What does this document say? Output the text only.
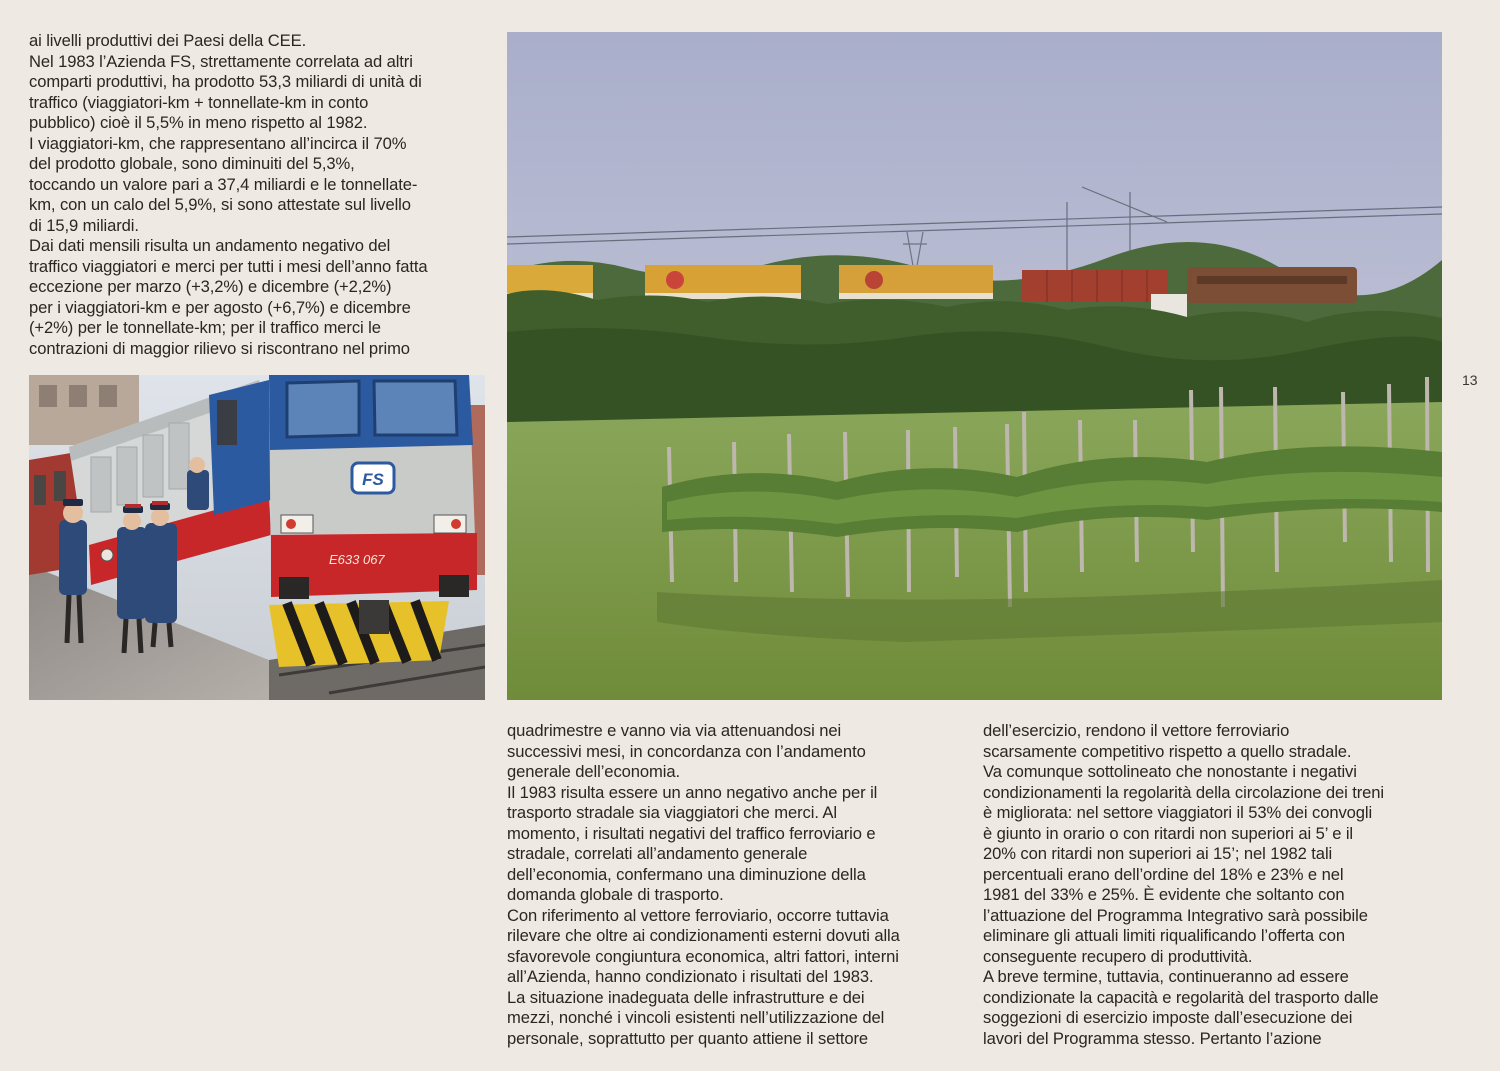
ai livelli produttivi dei Paesi della CEE.
Nel 1983 l’Azienda FS, strettamente correlata ad altri
comparti produttivi, ha prodotto 53,3 miliardi di unità di
traffico (viaggiatori-km + tonnellate-km in conto
pubblico) cioè il 5,5% in meno rispetto al 1982.
I viaggiatori-km, che rappresentano all’incirca il 70%
del prodotto globale, sono diminuiti del 5,3%,
toccando un valore pari a 37,4 miliardi e le tonnellate-
km, con un calo del 5,9%, si sono attestate sul livello
di 15,9 miliardi.
Dai dati mensili risulta un andamento negativo del
traffico viaggiatori e merci per tutti i mesi dell’anno fatta
eccezione per marzo (+3,2%) e dicembre (+2,2%)
per i viaggiatori-km e per agosto (+6,7%) e dicembre
(+2%) per le tonnellate-km; per il traffico merci le
contrazioni di maggior rilievo si riscontrano nel primo
FS
E633 067
quadrimestre e vanno via via attenuandosi nei
successivi mesi, in concordanza con l’andamento
generale dell’economia.
Il 1983 risulta essere un anno negativo anche per il
trasporto stradale sia viaggiatori che merci. Al
momento, i risultati negativi del traffico ferroviario e
stradale, correlati all’andamento generale
dell’economia, confermano una diminuzione della
domanda globale di trasporto.
Con riferimento al vettore ferroviario, occorre tuttavia
rilevare che oltre ai condizionamenti esterni dovuti alla
sfavorevole congiuntura economica, altri fattori, interni
all’Azienda, hanno condizionato i risultati del 1983.
La situazione inadeguata delle infrastrutture e dei
mezzi, nonché i vincoli esistenti nell’utilizzazione del
personale, soprattutto per quanto attiene il settore
dell’esercizio, rendono il vettore ferroviario
scarsamente competitivo rispetto a quello stradale.
Va comunque sottolineato che nonostante i negativi
condizionamenti la regolarità della circolazione dei treni
è migliorata: nel settore viaggiatori il 53% dei convogli
è giunto in orario o con ritardi non superiori ai 5’ e il
20% con ritardi non superiori ai 15’; nel 1982 tali
percentuali erano dell’ordine del 18% e 23% e nel
1981 del 33% e 25%. È evidente che soltanto con
l’attuazione del Programma Integrativo sarà possibile
eliminare gli attuali limiti riqualificando l’offerta con
conseguente recupero di produttività.
A breve termine, tuttavia, continueranno ad essere
condizionate la capacità e regolarità del trasporto dalle
soggezioni di esercizio imposte dall’esecuzione dei
lavori del Programma stesso. Pertanto l’azione
13
